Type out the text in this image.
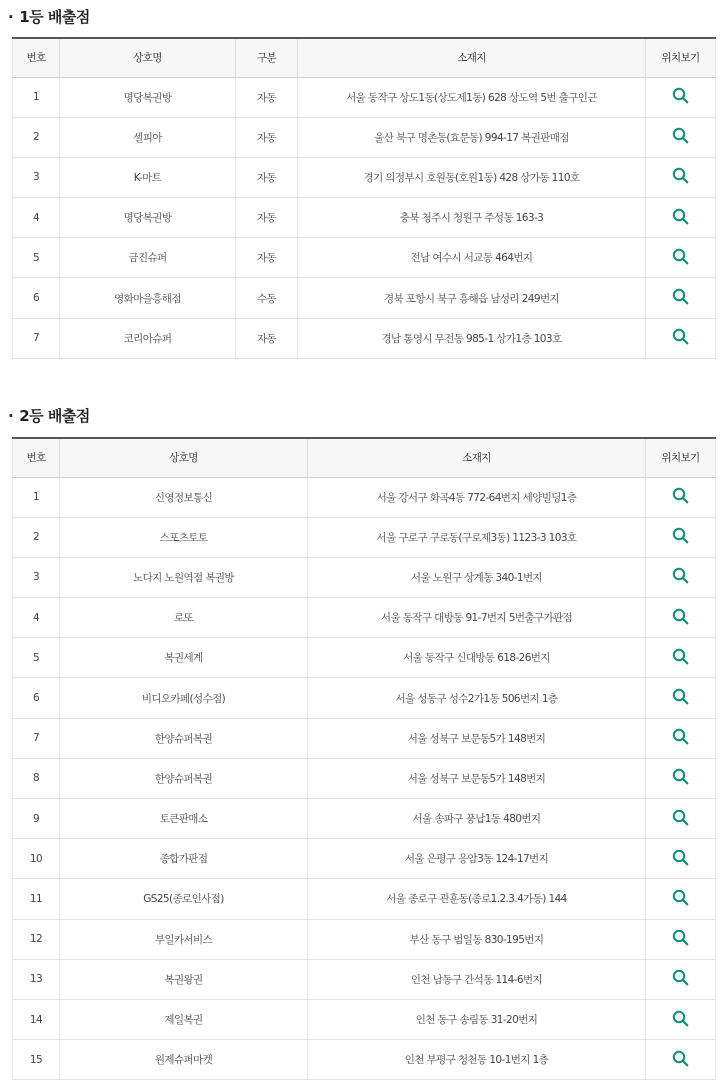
· 1등 배출점
번호	상호명	구분	소재지	위치보기
1	명당복권방	자동	서울 동작구 상도1동(상도제1동) 628 상도역 5번 출구인근	
2	셀피아	자동	울산 북구 명촌동(효문동) 994-17 복권판매점	
3	K-마트	자동	경기 의정부시 호원동(호원1동) 428 상가동 110호	
4	명당복권방	자동	충북 청주시 청원구 주성동 163-3	
5	금진슈퍼	자동	전남 여수시 서교동 464번지	
6	영화마을흥해점	수동	경북 포항시 북구 흥해읍 남성리 249번지	
7	코리아슈퍼	자동	경남 통영시 무전동 985-1 상가1층 103호	
· 2등 배출점
번호	상호명	소재지	위치보기
1	신영정보통신	서울 강서구 화곡4동 772-64번지 세양빌딩1층	
2	스포츠토토	서울 구로구 구로동(구로제3동) 1123-3 103호	
3	노다지 노원역점 복권방	서울 노원구 상계동 340-1번지	
4	로또	서울 동작구 대방동 91-7번지 5번출구가판점	
5	복권세계	서울 동작구 신대방동 618-26번지	
6	비디오카페(성수점)	서울 성동구 성수2가1동 506번지 1층	
7	한양슈퍼복권	서울 성북구 보문동5가 148번지	
8	한양슈퍼복권	서울 성북구 보문동5가 148번지	
9	토큰판매소	서울 송파구 풍납1동 480번지	
10	종합가판점	서울 은평구 응암3동 124-17번지	
11	GS25(종로인사점)	서울 종로구 관훈동(종로1.2.3.4가동) 144	
12	부일카서비스	부산 동구 범일동 830-195번지	
13	복권왕권	인천 남동구 간석동 114-6번지	
14	제일복권	인천 동구 송림동 31-20번지	
15	원제슈퍼마켓	인천 부평구 청천동 10-1번지 1층	
